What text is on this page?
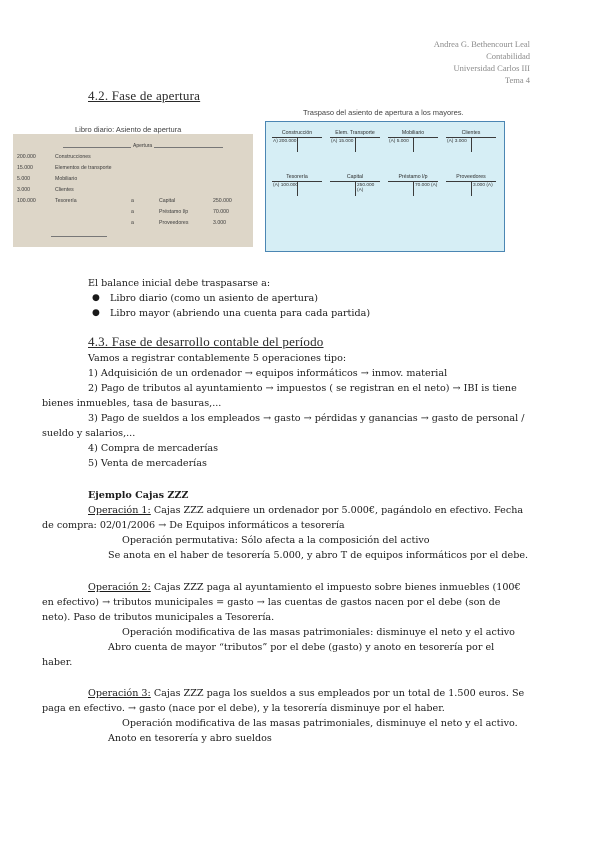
Andrea G. Bethencourt Leal
Contabilidad
Universidad Carlos III
Tema 4
4.2. Fase de apertura
Libro diario: Asiento de apertura
Apertura
200.000	Construcciones
15.000	Elementos de transporte
5.000	Mobiliario
3.000	Clientes
100.000	Tesorería	a	Capital	250.000
a	Préstamo l/p	70.000
a	Proveedores	3.000
Traspaso del asiento de apertura a los mayores.
Construcción
A) 200.000
Elem. Transporte
(A) 15.000
Mobiliario
(A) 5.000
Clientes
(A) 3.000
Tesorería
(A) 100.000
Capital
250.000 (A)
Préstamo l/p
70.000 (A)
Proveedores
3.000 (A)
El balance inicial debe traspasarse a:
● Libro diario (como un asiento de apertura)
● Libro mayor (abriendo una cuenta para cada partida)
4.3. Fase de desarrollo contable del período
Vamos a registrar contablemente 5 operaciones tipo:
1) Adquisición de un ordenador → equipos informáticos → inmov. material
2) Pago de tributos al ayuntamiento → impuestos ( se registran en el neto) → IBI is tiene
bienes inmuebles, tasa de basuras,...
3) Pago de sueldos a los empleados → gasto → pérdidas y ganancias → gasto de personal /
sueldo y salarios,...
4) Compra de mercaderías
5) Venta de mercaderías
Ejemplo Cajas ZZZ
Operación 1: Cajas ZZZ adquiere un ordenador por 5.000€, pagándolo en efectivo. Fecha
de compra: 02/01/2006 → De Equipos informáticos a tesorería
Operación permutativa: Sólo afecta a la composición del activo
Se anota en el haber de tesorería 5.000, y abro T de equipos informáticos por el debe.
Operación 2: Cajas ZZZ paga al ayuntamiento el impuesto sobre bienes inmuebles (100€
en efectivo) → tributos municipales = gasto → las cuentas de gastos nacen por el debe (son de
neto). Paso de tributos municipales a Tesorería.
Operación modificativa de las masas patrimoniales: disminuye el neto y el activo
Abro cuenta de mayor “tributos” por el debe (gasto) y anoto en tesorería por el
haber.
Operación 3: Cajas ZZZ paga los sueldos a sus empleados por un total de 1.500 euros. Se
paga en efectivo. → gasto (nace por el debe), y la tesorería disminuye por el haber.
Operación modificativa de las masas patrimoniales, disminuye el neto y el activo.
Anoto en tesorería y abro sueldos
